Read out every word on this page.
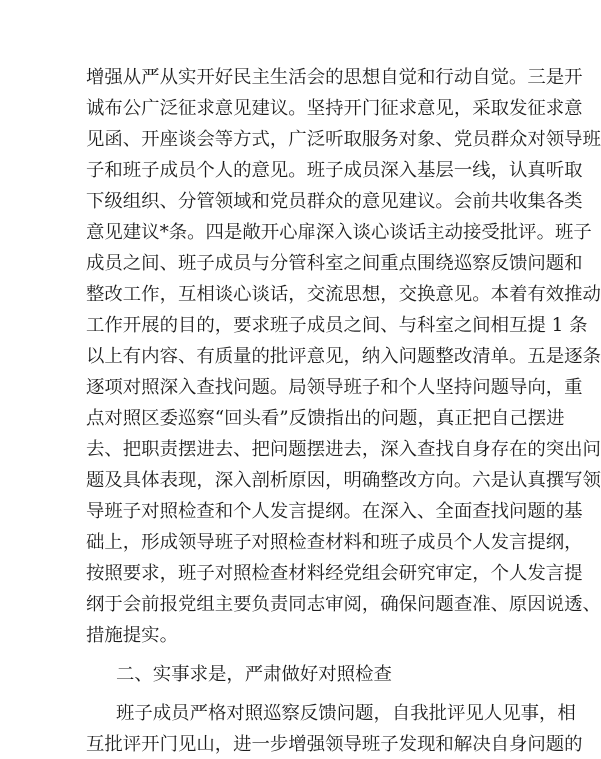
增强从严从实开好民主生活会的思想自觉和行动自觉。三是开
诚布公广泛征求意见建议。坚持开门征求意见，采取发征求意
见函、开座谈会等方式，广泛听取服务对象、党员群众对领导班
子和班子成员个人的意见。班子成员深入基层一线，认真听取
下级组织、分管领域和党员群众的意见建议。会前共收集各类
意见建议*条。四是敞开心扉深入谈心谈话主动接受批评。班子
成员之间、班子成员与分管科室之间重点围绕巡察反馈问题和
整改工作，互相谈心谈话，交流思想，交换意见。本着有效推动
工作开展的目的，要求班子成员之间、与科室之间相互提 1 条
以上有内容、有质量的批评意见，纳入问题整改清单。五是逐条
逐项对照深入查找问题。局领导班子和个人坚持问题导向，重
点对照区委巡察“回头看”反馈指出的问题，真正把自己摆进
去、把职责摆进去、把问题摆进去，深入查找自身存在的突出问
题及具体表现，深入剖析原因，明确整改方向。六是认真撰写领
导班子对照检查和个人发言提纲。在深入、全面查找问题的基
础上，形成领导班子对照检查材料和班子成员个人发言提纲，
按照要求，班子对照检查材料经党组会研究审定，个人发言提
纲于会前报党组主要负责同志审阅，确保问题查准、原因说透、
措施提实。
二、实事求是，严肃做好对照检查
班子成员严格对照巡察反馈问题，自我批评见人见事，相
互批评开门见山，进一步增强领导班子发现和解决自身问题的
